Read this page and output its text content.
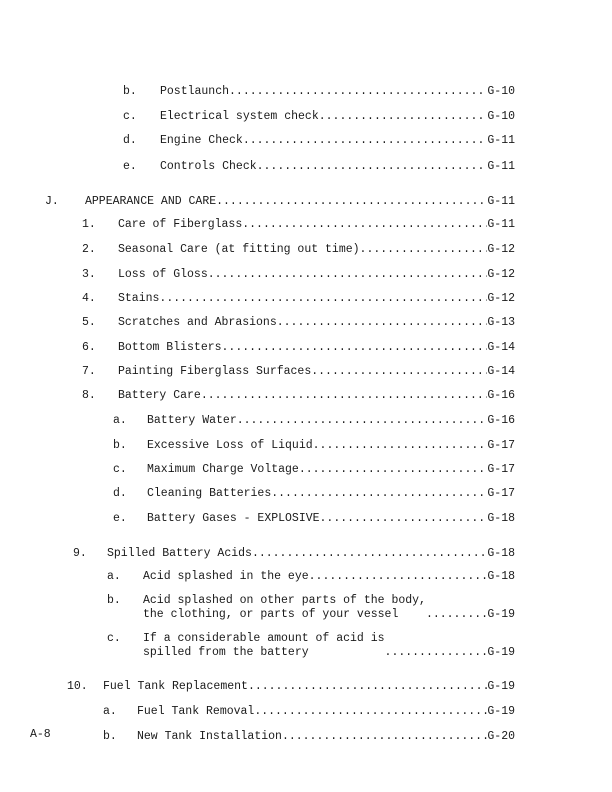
b. Postlaunch .....	G-10
c. Electrical system check .....	G-10
d. Engine Check .....	G-11
e. Controls Check .....	G-11
J. APPEARANCE AND CARE .....	G-11
1. Care of Fiberglass .....	G-11
2. Seasonal Care (at fitting out time) .....	G-12
3. Loss of Gloss .....	G-12
4. Stains .....	G-12
5. Scratches and Abrasions .....	G-13
6. Bottom Blisters .....	G-14
7. Painting Fiberglass Surfaces .....	G-14
8. Battery Care .....	G-16
a. Battery Water .....	G-16
b. Excessive Loss of Liquid .....	G-17
c. Maximum Charge Voltage .....	G-17
d. Cleaning Batteries .....	G-17
e. Battery Gases - EXPLOSIVE .....	G-18
9. Spilled Battery Acids .....	G-18
a. Acid splashed in the eye .....	G-18
b. Acid splashed on other parts of the body,
the clothing, or parts of your vessel .....	G-19
c. If a considerable amount of acid is
spilled from the battery .....	G-19
10. Fuel Tank Replacement .....	G-19
a. Fuel Tank Removal .....	G-19
b. New Tank Installation .....	G-20
A-8
